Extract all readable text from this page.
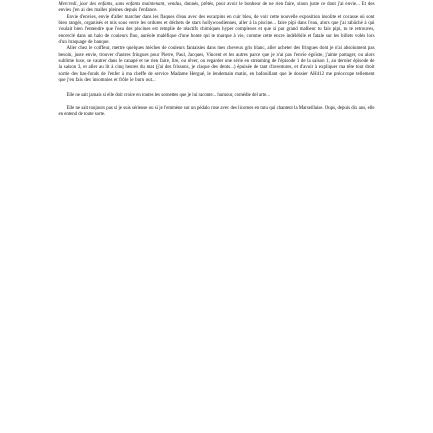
Mercredi, jour des enfants, sans enfants maintenant, vendus, donnés, prêtés, pour avoir le bonheur de ne rien faire, sinon juste ce dont j'ai envie... Et des envies j'en ai des malles pleines depuis l'enfance.

Envie d'envies, envie d'aller marcher dans les flaques d'eau avec des escarpins en cuir bleu, de voir cette nouvelle exposition insolite et cocasse où sont bien rangés, organisés et mis sous verre les ordures et déchets de stars hollywoodiennes, aller à la piscine... faire pipi dans l'eau, alors que j'ai rabâché à qui voulait bien l'entendre que l'eau des piscines est remplie de réactifs chimiques hyper complexes et que si par grand malheur tu fais pipi, tu te retrouves, encerclé dans un halo de couleurs fluo, auréole maléfique d'une honte qui te marque à vie, comme cette encre indélébile et fatale sur les billets volés lors d'un braquage de banque.

Aller chez le coiffeur, mettre quelques mèches de couleurs fantaisies dans mes cheveux gris blanc, aller acheter des fringues dont je n'ai absolument pas besoin, juste envie, trouver d'autres fringues pour Pierre, Paul, Jacques, Vincent et les autres parce que je n'ai pas l'envie égoïste, j'aime partager, ou alors sublime luxe, se vautrer dans le canapé et ne rien faire, lire, ou rêver, ou regarder une série en streaming de l'épisode 1 de la saison 1, au dernier épisode de la saison 3, et aller au lit à cinq heures du mat (j'ai des frissons, je claque des dents...) épuisée de tant d'aventures, et d'avoir à expliquer ma tête tout droit sortie des bas-fonds de l'enfer à ma cheffe de service Madame Hergué, le lendemain matin, en bafouillant que le dossier AH412 me préoccupe tellement que j'en fais des insomnies et frôle le burn out...

Elle ne sait jamais si elle doit croire en toutes les sornettes que je lui raconte... humour, comédie del arte...

Elle ne sait toujours pas si je suis sérieuse ou si je l'emmène sur un pédalo rose avec des licornes en tutu qui chantent la Marseillaise. Oups, depuis dix ans, elle en entend de toute sorte.
